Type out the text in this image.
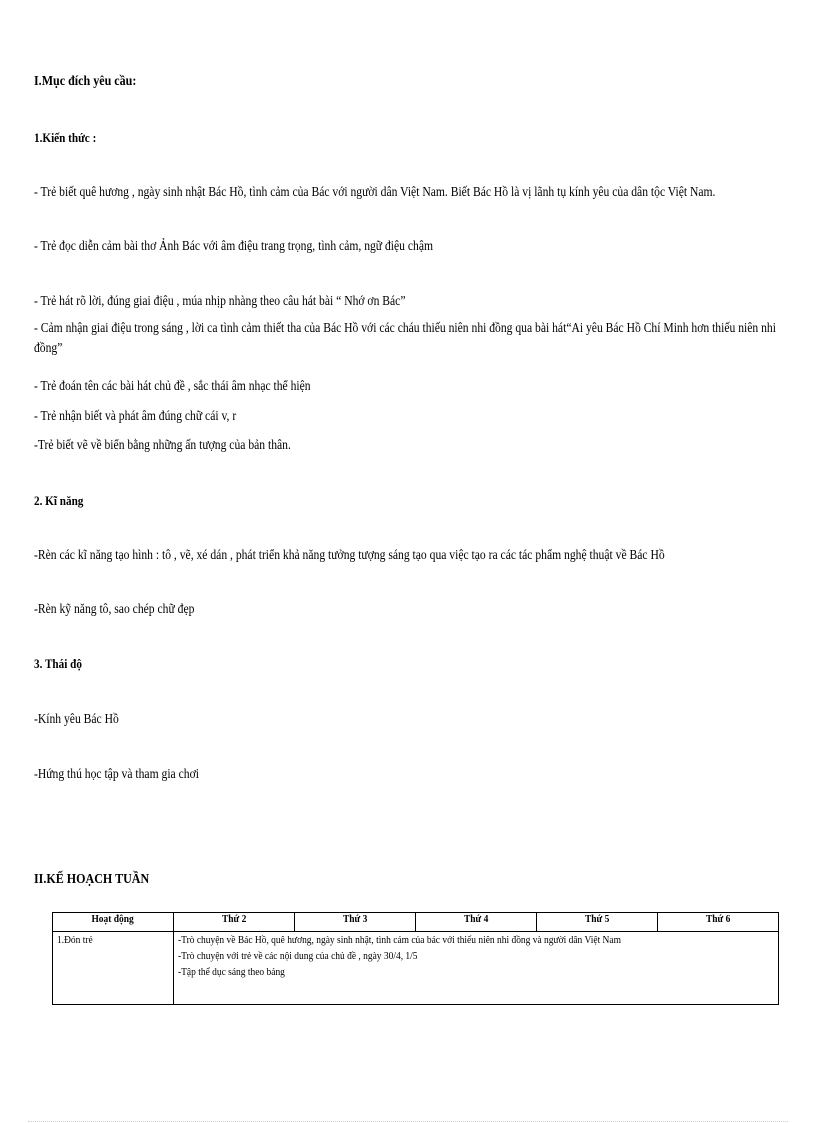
I.Mục đích yêu cầu:
1.Kiến thức :
- Trẻ biết quê hương , ngày sinh nhật Bác Hồ, tình cảm của Bác với người dân Việt Nam. Biết Bác Hồ là vị lãnh tụ kính yêu của dân tộc Việt Nam.
- Trẻ đọc diễn cảm bài thơ Ảnh Bác với âm điệu trang trọng, tình cảm, ngữ điệu chậm
- Trẻ hát rõ lời, đúng giai điệu , múa nhịp nhàng theo câu hát bài “ Nhớ ơn Bác”
- Cảm nhận giai điệu trong sáng , lời ca tình cảm thiết tha của Bác Hồ với các cháu thiếu niên nhi đồng qua bài hát“Ai yêu Bác Hồ Chí Minh hơn thiếu niên nhi đồng”
- Trẻ đoán tên các bài hát chủ đề , sắc thái âm nhạc thể hiện
- Trẻ nhận biết và phát âm đúng chữ cái v, r
-Trẻ biết vẽ về biển bằng những ấn tượng của bản thân.
2. Kĩ năng
-Rèn các kĩ năng tạo hình : tô , vẽ, xé dán , phát triển khả năng tưởng tượng sáng tạo qua việc tạo ra các tác phẩm nghệ thuật về Bác Hồ
-Rèn kỹ năng tô, sao chép chữ đẹp
3. Thái độ
-Kính yêu Bác Hồ
-Hứng thú học tập và tham gia chơi
II.KẾ HOẠCH TUẦN
Hoạt động	Thứ 2	Thứ 3	Thứ 4	Thứ 5	Thứ 6

1.Đón trẻ	-Trò chuyện về Bác Hồ, quê hương, ngày sinh nhật, tình cảm của bác với thiếu niên nhi đồng và người dân Việt Nam
-Trò chuyện với trẻ về các nội dung của chủ đề , ngày 30/4, 1/5
-Tập thể dục sáng theo bảng				
